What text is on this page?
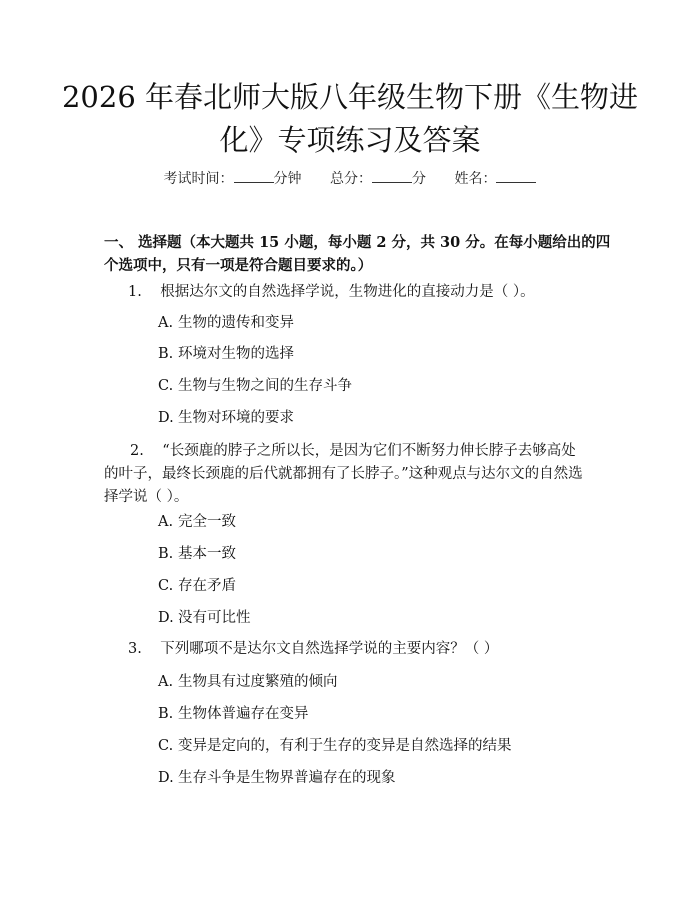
2026 年春北师大版八年级生物下册《生物进
化》专项练习及答案
考试时间：	分钟 总分：	分 姓名：
一、 选择题（本大题共 15 小题，每小题 2 分，共 30 分。在每小题给出的四个选项中，只有一项是符合题目要求的。）
1. 根据达尔文的自然选择学说，生物进化的直接动力是（ ）。
A. 生物的遗传和变异
B. 环境对生物的选择
C. 生物与生物之间的生存斗争
D. 生物对环境的要求
2. “长颈鹿的脖子之所以长，是因为它们不断努力伸长脖子去够高处的叶子，最终长颈鹿的后代就都拥有了长脖子。”这种观点与达尔文的自然选择学说（ ）。
A. 完全一致
B. 基本一致
C. 存在矛盾
D. 没有可比性
3. 下列哪项不是达尔文自然选择学说的主要内容？（ ）
A. 生物具有过度繁殖的倾向
B. 生物体普遍存在变异
C. 变异是定向的，有利于生存的变异是自然选择的结果
D. 生存斗争是生物界普遍存在的现象
